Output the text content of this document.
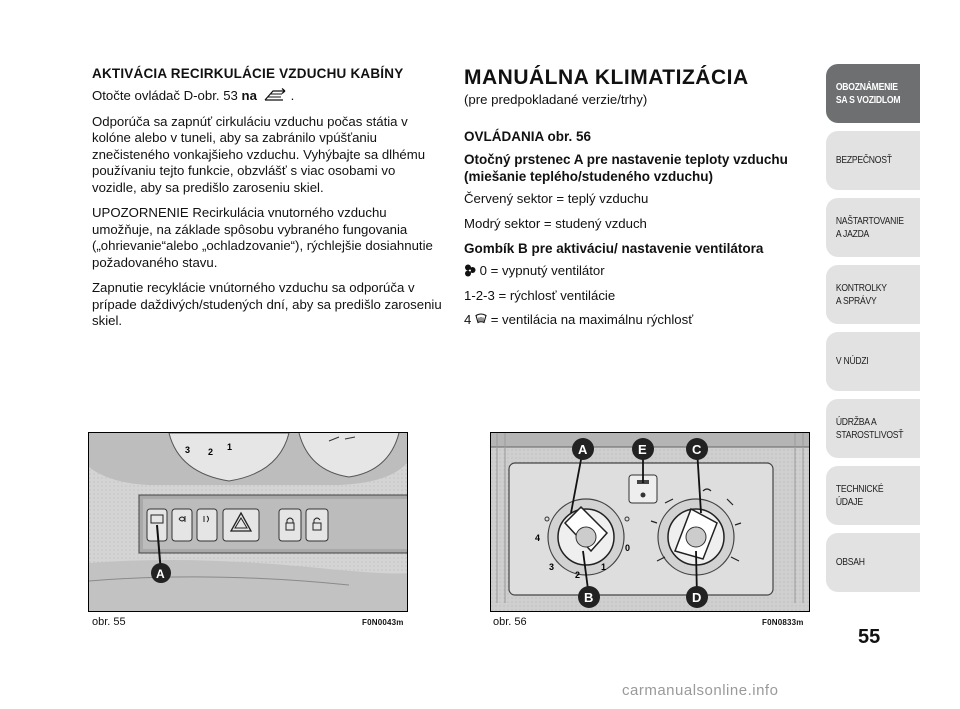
AKTIVÁCIA RECIRKULÁCIE VZDUCHU KABÍNY

Otočte ovládač D-obr. 53 na	.

Odporúča sa zapnúť cirkuláciu vzduchu počas státia v kolóne alebo v tuneli, aby sa zabránilo vpúšťaniu znečisteného vonkajšieho vzduchu. Vyhýbajte sa dlhému používaniu tejto funkcie, obzvlášť s viac osobami vo vozidle, aby sa predišlo zaroseniu skiel.

UPOZORNENIE Recirkulácia vnutorného vzduchu umožňuje, na základe spôsobu vybraného fungovania („ohrievanie“alebo „ochladzovanie“), rýchlejšie dosiahnutie požadovaného stavu.

Zapnutie recyklácie vnútorného vzduchu sa odporúča v prípade daždivých/studených dní, aby sa predišlo zaroseniu skiel.

MANUÁLNA KLIMATIZÁCIA

(pre predpokladané verzie/trhy)

OVLÁDANIA obr. 56
Otočný prstenec A pre nastavenie teploty vzduchu (miešanie teplého/studeného vzduchu)

Červený sektor = teplý vzduchu

Modrý sektor = studený vzduch

Gombík B pre aktiváciu/ nastavenie ventilátora

0 = vypnutý ventilátor

1-2-3 = rýchlosť ventilácie

4 = ventilácia na maximálnu rýchlosť

3 2 1
A
obr. 55	F0N0043m
4
3
2
1
0
A	E	C
B	D
obr. 56	F0N0833m
OBOZNÁMENIE
SA S VOZIDLOM
BEZPEČNOSŤ
NAŠTARTOVANIE
A JAZDA
KONTROLKY
A SPRÁVY
V NÚDZI
ÚDRŽBA A
STAROSTLIVOSŤ
TECHNICKÉ
ÚDAJE
OBSAH
55
carmanualsonline.info
